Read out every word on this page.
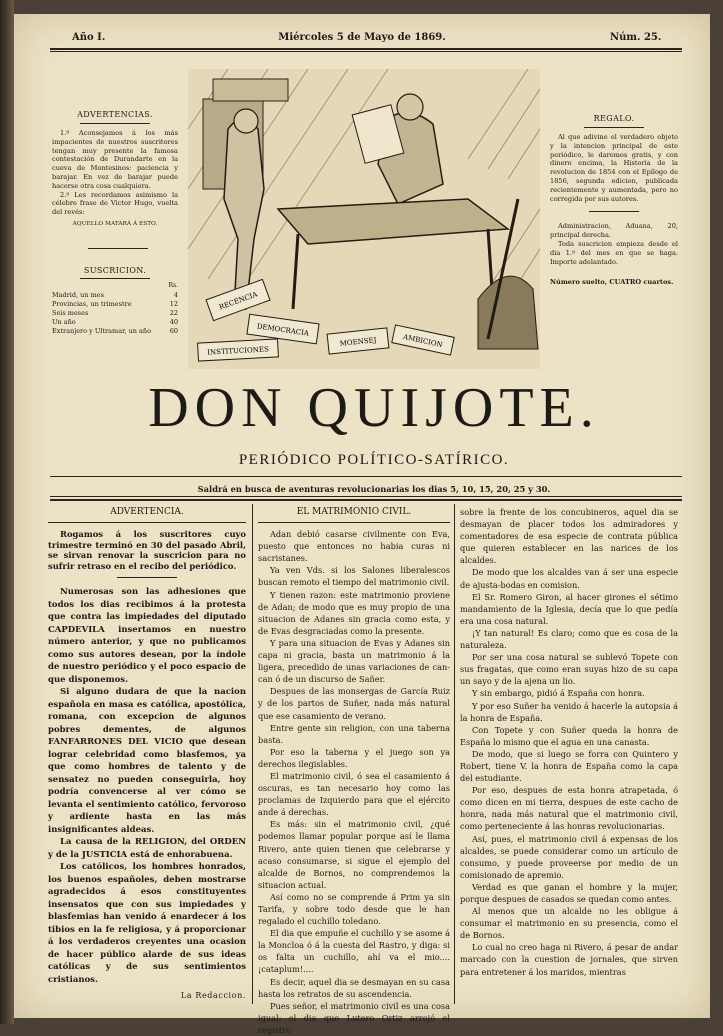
Año I.	Miércoles 5 de Mayo de 1869.	Núm. 25.
ADVERTENCIAS.
1.º Aconsejamos á los más impacientes de nuestros suscritores tengan muy presente la famosa contestación de Durandarte en la cueva de Montesinos: paciencia y barajar. En vez de barajar puede hacerse otra cosa cualquiera.
2.º Les recordamos asimismo la célebre frase de Victor Hugo, vuelta del revés:
AQUELLO MATARÁ Á ESTO.
SUSCRICION.
Rs.
Madrid, un mes	4
Provincias, un trimestre	12
Seis meses	22
Un año	40
Extranjero y Ultramar, un año	60
RECENCIA
DEMOCRACIA
AMBICION
MOENSEJ
INSTITUCIONES
REGALO.
Al que adivine el verdadero objeto y la intencion principal de este periódico, le daremos gratis, y con dinero encima, la Historia de la revolucion de 1854 con el Epílogo de 1856, segunda edicion, publicada recientemente y aumentada, pero no corregida por sus autores.
Administracion, Aduana, 20, principal derecha.
Toda suscricion empieza desde el dia 1.º del mes en que se haga. Importe adelantado.
Número suelto, CUATRO cuartos.
DON QUIJOTE.
PERIÓDICO POLÍTICO-SATÍRICO.
Saldrá en busca de aventuras revolucionarias los dias 5, 10, 15, 20, 25 y 30.
ADVERTENCIA.

Rogamos á los suscritores cuyo trimestre terminó en 30 del pasado Abril, se sirvan renovar la suscricion para no sufrir retraso en el recibo del periódico.

Numerosas son las adhesiones que todos los dias recibimos á la protesta que contra las impiedades del diputado CAPDEVILA insertamos en nuestro número anterior, y que no publicamos como sus autores desean, por la índole de nuestro periódico y el poco espacio de que disponemos.

Si alguno dudara de que la nacion española en masa es católica, apostólica, romana, con excepcion de algunos pobres dementes, de algunos FANFARRONES DEL VICIO que desean lograr celebridad como blasfemos, ya que como hombres de talento y de sensatez no pueden conseguirla, hoy podría convencerse al ver cómo se levanta el sentimiento católico, fervoroso y ardiente hasta en las más insignificantes aldeas.

La causa de la RELIGION, del ORDEN y de la JUSTICIA está de enhorabuena.

Los católicos, los hombres honrados, los buenos españoles, deben mostrarse agradecidos á esos constituyentes insensatos que con sus impiedades y blasfemias han venido á enardecer á los tibios en la fe religiosa, y á proporcionar á los verdaderos creyentes una ocasion de hacer público alarde de sus ideas católicas y de sus sentimientos cristianos.

La Redaccion.
EL MATRIMONIO CIVIL.

Adan debió casarse civilmente con Eva, puesto que entonces no habia curas ni sacristanes.

Ya ven Vds. si los Salones liberalescos buscan remoto el tiempo del matrimonio civil.

Y tienen razon: este matrimonio proviene de Adan; de modo que es muy propio de una situacion de Adanes sin gracia como esta, y de Evas desgraciadas como la presente.

Y para una situacion de Evas y Adanes sin capa ni gracia, basta un matrimonio á la ligera, precedido de unas variaciones de can-can ó de un discurso de Sañer.

Despues de las monsergas de García Ruiz y de los partos de Suñer, nada más natural que ese casamiento de verano.

Entre gente sin religion, con una taberna basta.

Por eso la taberna y el juego son ya derechos ilegislables.

El matrimonio civil, ó sea el casamiento á oscuras, es tan necesario hoy como las proclamas de Izquierdo para que el ejército ande á derechas.

Es más: sin el matrimonio civil, ¿qué podemos llamar popular porque así le llama Rivero, ante quien tienen que celebrarse y acaso consumarse, si sigue el ejemplo del alcalde de Bornos, no comprendemos la situacion actual.

Así como no se comprende á Prim ya sin Tarifa, y sobre todo desde que le han regalado el cuchillo toledano.

El dia que empuñe el cuchillo y se asome á la Moncloa ó á la cuesta del Rastro, y diga: si os falta un cuchillo, ahí va el mio.... ¡cataplum!....

Es decir, aquel dia se desmayan en su casa hasta los retratos de su ascendencia.

Pues señor, el matrimonio civil es una cosa igual: el dia que Lutero Ortiz arrojó el registro

sobre la frente de los concubineros, aquel dia se desmayan de placer todos los admiradores y comentadores de esa especie de contrata pública que quieren establecer en las narices de los alcaldes.

De modo que los alcaldes van á ser una especie de ajusta-bodas en comision.

El Sr. Romero Giron, al hacer girones el sétimo mandamiento de la Iglesia, decía que lo que pedía era una cosa natural.

¡Y tan natural! Es claro; como que es cosa de la naturaleza.

Por ser una cosa natural se sublevó Topete con sus fragatas, que como eran suyas hizo de su capa un sayo y de la ajena un lio.

Y sin embargo, pidió á España con honra.

Y por eso Suñer ha venido á hacerle la autopsia á la honra de España.

Con Topete y con Suñer queda la honra de España lo mismo que el agua en una canasta.

De modo, que si luego se forra con Quintero y Robert, tiene V. la honra de España como la capa del estudiante.

Por eso, despues de esta honra atrapetada, ó como dicen en mi tierra, despues de este cacho de honra, nada más natural que el matrimonio civil, como perteneciente á las honras revolucionarias.

Así, pues, el matrimonio civil á expensas de los alcaldes, se puede considerar como un artículo de consumo, y puede proveerse por medio de un comisionado de apremio.

Verdad es que ganan el hombre y la mujer, porque despues de casados se quedan como antes.

Al menos que un alcalde no les obligue á consumar el matrimonio en su presencia, como el de Bornos.

Lo cual no creo haga ni Rivero, á pesar de andar marcado con la cuestion de jornales, que sirven para entretener á los maridos, mientras
